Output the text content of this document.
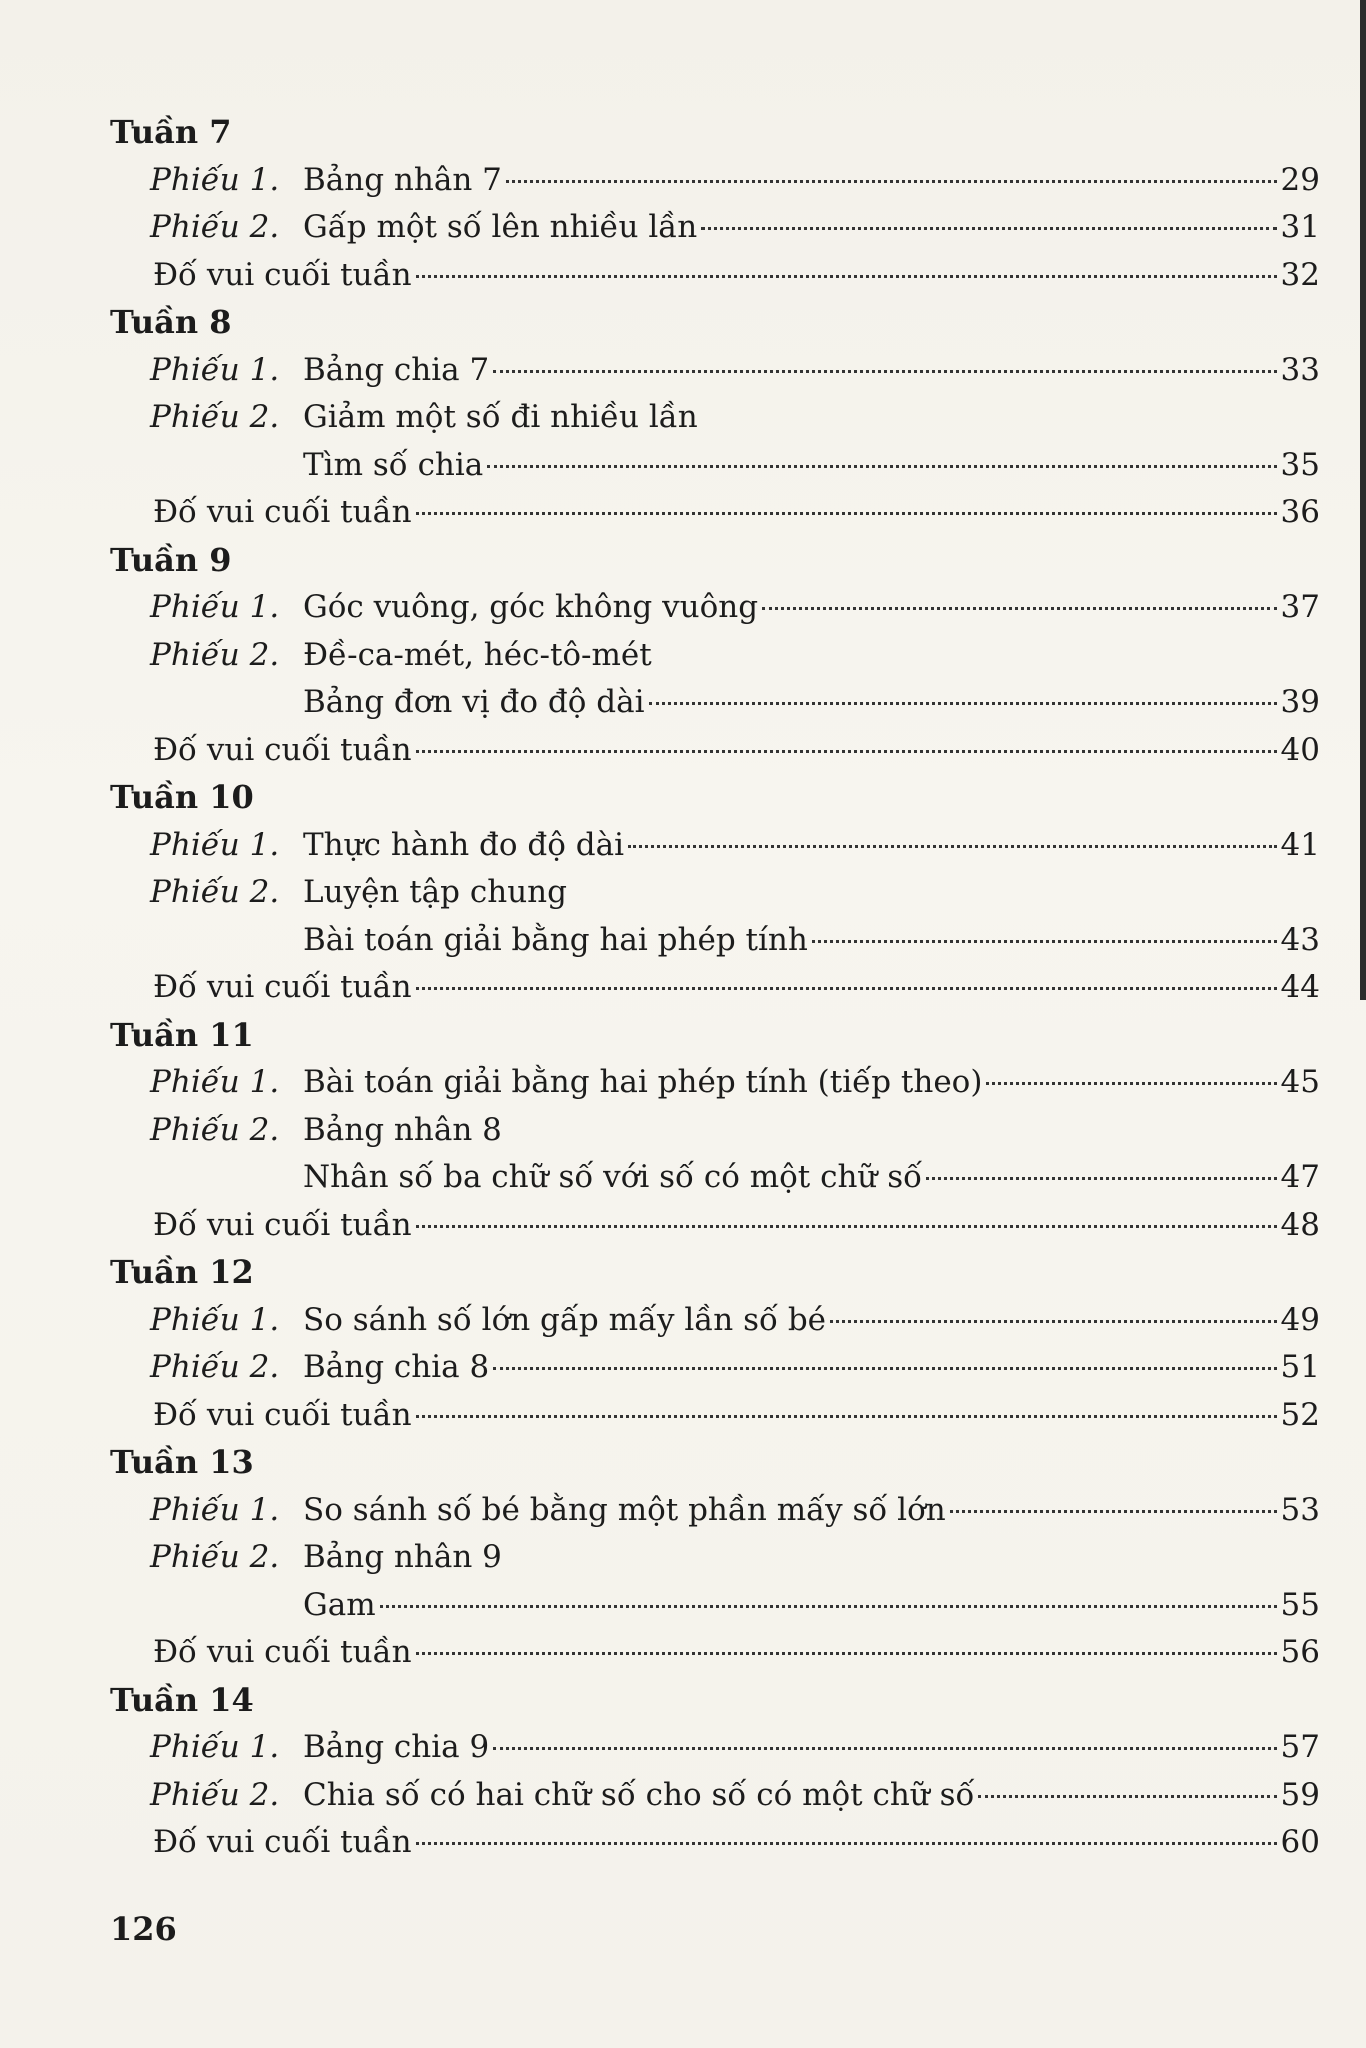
Tuần 7
Phiếu 1. Bảng nhân 7	29
Phiếu 2. Gấp một số lên nhiều lần	31
Đố vui cuối tuần	32
Tuần 8
Phiếu 1. Bảng chia 7	33
Phiếu 2. Giảm một số đi nhiều lần
Tìm số chia	35
Đố vui cuối tuần	36
Tuần 9
Phiếu 1. Góc vuông, góc không vuông	37
Phiếu 2. Đề-ca-mét, héc-tô-mét
Bảng đơn vị đo độ dài	39
Đố vui cuối tuần	40
Tuần 10
Phiếu 1. Thực hành đo độ dài	41
Phiếu 2. Luyện tập chung
Bài toán giải bằng hai phép tính	43
Đố vui cuối tuần	44
Tuần 11
Phiếu 1. Bài toán giải bằng hai phép tính (tiếp theo)	45
Phiếu 2. Bảng nhân 8
Nhân số ba chữ số với số có một chữ số	47
Đố vui cuối tuần	48
Tuần 12
Phiếu 1. So sánh số lớn gấp mấy lần số bé	49
Phiếu 2. Bảng chia 8	51
Đố vui cuối tuần	52
Tuần 13
Phiếu 1. So sánh số bé bằng một phần mấy số lớn	53
Phiếu 2. Bảng nhân 9
Gam	55
Đố vui cuối tuần	56
Tuần 14
Phiếu 1. Bảng chia 9	57
Phiếu 2. Chia số có hai chữ số cho số có một chữ số	59
Đố vui cuối tuần	60
126
